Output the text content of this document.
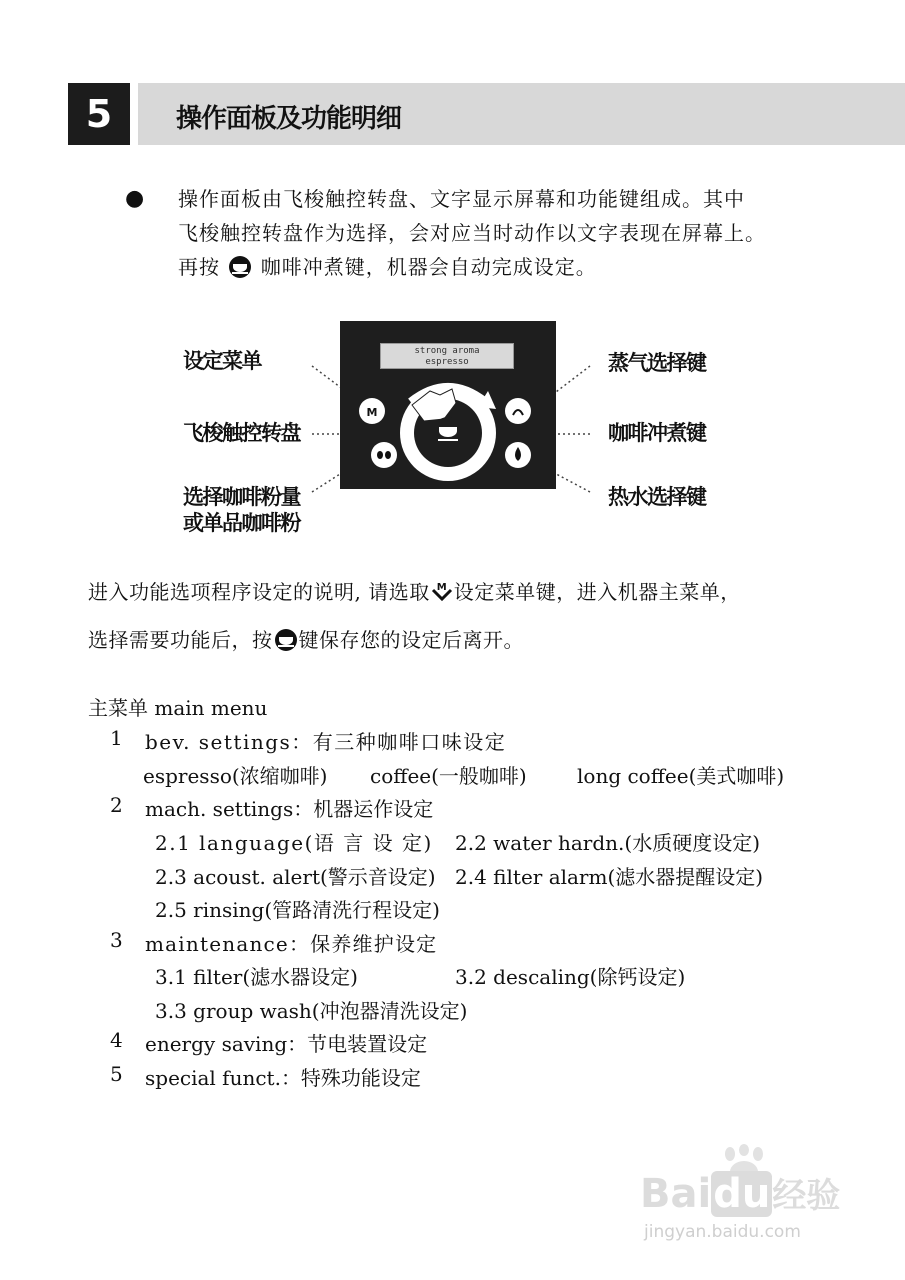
5	操作面板及功能明细
● 操作面板由飞梭触控转盘、文字显示屏幕和功能键组成。其中
飞梭触控转盘作为选择，会对应当时动作以文字表现在屏幕上。
再按 咖啡冲煮键，机器会自动完成设定。
strong aroma
espresso
M
设定菜单
飞梭触控转盘
选择咖啡粉量
或单品咖啡粉
蒸气选择键
咖啡冲煮键
热水选择键
进入功能选项程序设定的说明, 请选取 M 设定菜单键，进入机器主菜单，
选择需要功能后，按 键保存您的设定后离开。
主菜单 main menu
1 bev. settings：有三种咖啡口味设定
espresso(浓缩咖啡) coffee(一般咖啡)	long coffee(美式咖啡)
2 mach. settings：机器运作设定
2.1 language(语 言 设 定) 2.2 water hardn.(水质硬度设定)
2.3 acoust. alert(警示音设定) 2.4 filter alarm(滤水器提醒设定)
2.5 rinsing(管路清洗行程设定)
3 maintenance：保养维护设定
3.1 filter(滤水器设定)	3.2 descaling(除钙设定)
3.3 group wash(冲泡器清洗设定)
4 energy saving：节电装置设定
5 special funct.：特殊功能设定
Baidu经验
jingyan.baidu.com
